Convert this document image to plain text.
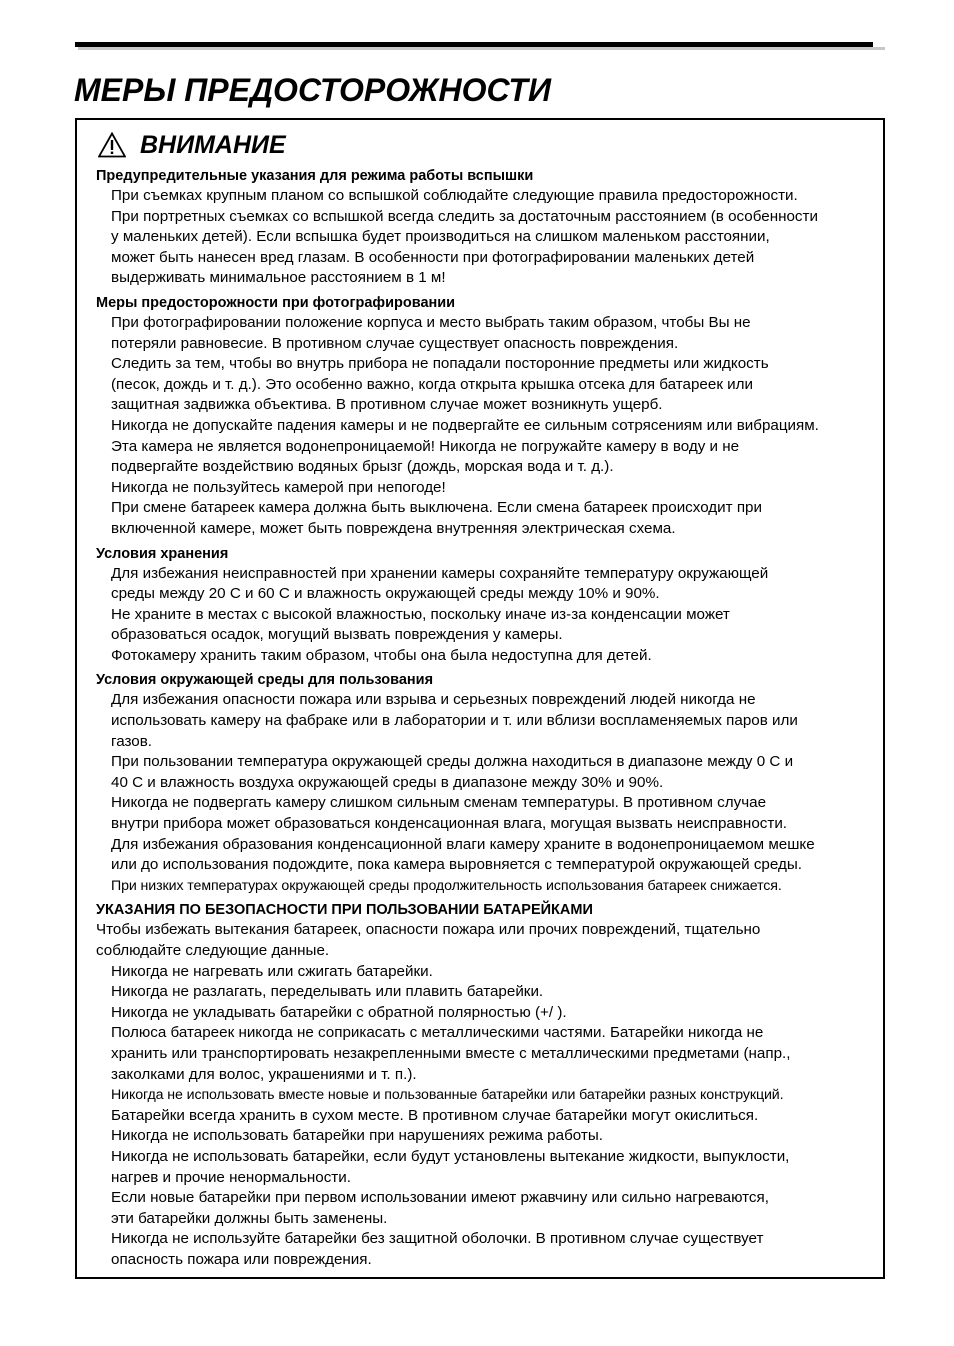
МЕРЫ ПРЕДОСТОРОЖНОСТИ
ВНИМАНИЕ

Предупредительные указания для режима работы вспышки

При съемках крупным планом со вспышкой соблюдайте следующие правила предосторожности.

При портретных съемках со вспышкой всегда следить за достаточным расстоянием (в особенности
у маленьких детей). Если вспышка будет производиться на слишком маленьком расстоянии,
может быть нанесен вред глазам. В особенности при фотографировании маленьких детей
выдерживать минимальное расстоянием в 1 м!

Меры предосторожности при фотографировании

При фотографировании положение корпуса и место выбрать таким образом, чтобы Вы не
потеряли равновесие. В противном случае существует опасность повреждения.

Следить за тем, чтобы во внутрь прибора не попадали посторонние предметы или жидкость
(песок, дождь и т. д.). Это особенно важно, когда открыта крышка отсека для батареек или
защитная задвижка объектива. В противном случае может возникнуть ущерб.

Никогда не допускайте падения камеры и не подвергайте ее сильным сотрясениям или вибрациям.

Эта камера не является водонепроницаемой! Никогда не погружайте камеру в воду и не
подвергайте воздействию водяных брызг (дождь, морская вода и т. д.).

Никогда не пользуйтесь камерой при непогоде!

При смене батареек камера должна быть выключена. Если смена батареек происходит при
включенной камере, может быть повреждена внутренняя электрическая схема.

Условия хранения

Для избежания неисправностей при хранении камеры сохраняйте температуру окружающей
среды между 20 C и 60 C и влажность окружающей среды между 10% и 90%.

Не храните в местах с высокой влажностью, поскольку иначе из-за конденсации может
образоваться осадок, могущий вызвать повреждения у камеры.

Фотокамеру хранить таким образом, чтобы она была недоступна для детей.

Условия окружающей среды для пользования

Для избежания опасности пожара или взрыва и серьезных повреждений людей никогда не
использовать камеру на фабраке или в лаборатории и т. или вблизи воспламеняемых паров или
газов.

При пользовании температура окружающей среды должна находиться в диапазоне между 0 C и
40 C и влажность воздуха окружающей среды в диапазоне между 30% и 90%.

Никогда не подвергать камеру слишком сильным сменам температуры. В противном случае
внутри прибора может образоваться конденсационная влага, могущая вызвать неисправности.

Для избежания образования конденсационной влаги камеру храните в водонепроницаемом мешке
или до использования подождите, пока камера выровняется с температурой окружающей среды.

При низких температурах окружающей среды продолжительность использования батареек снижается.

УКАЗАНИЯ ПО БЕЗОПАСНОСТИ ПРИ ПОЛЬЗОВАНИИ БАТАРЕЙКАМИ

Чтобы избежать вытекания батареек, опасности пожара или прочих повреждений, тщательно
соблюдайте следующие данные.

Никогда не нагревать или сжигать батарейки.

Никогда не разлагать, переделывать или плавить батарейки.

Никогда не укладывать батарейки с обратной полярностью (+/ ).

Полюса батареек никогда не соприкасать с металлическими частями. Батарейки никогда не
хранить или транспортировать незакрепленными вместе с металлическими предметами (напр.,
заколками для волос, украшениями и т. п.).

Никогда не использовать вместе новые и пользованные батарейки или батарейки разных конструкций.

Батарейки всегда хранить в сухом месте. В противном случае батарейки могут окислиться.

Никогда не использовать батарейки при нарушениях режима работы.

Никогда не использовать батарейки, если будут установлены вытекание жидкости, выпуклости,
нагрев и прочие ненормальности.

Если новые батарейки при первом использовании имеют ржавчину или сильно нагреваются,
эти батарейки должны быть заменены.

Никогда не используйте батарейки без защитной оболочки. В противном случае существует
опасность пожара или повреждения.
